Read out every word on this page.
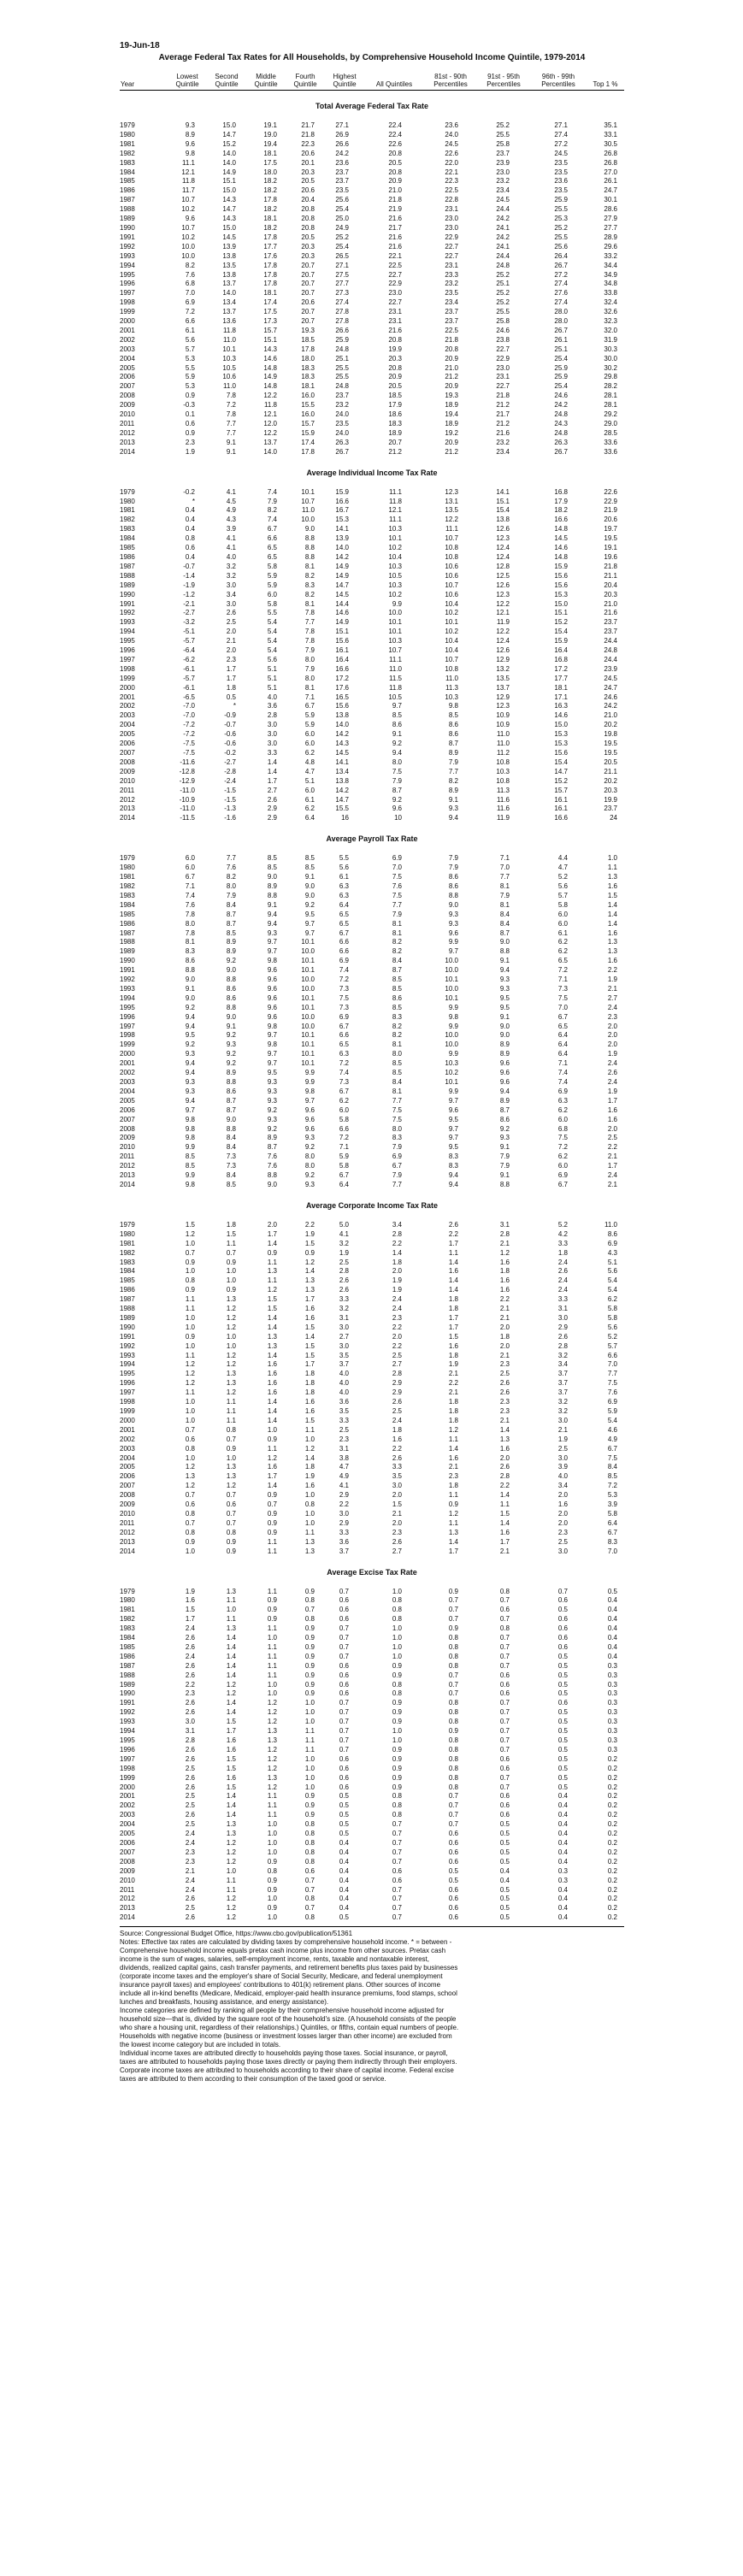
19-Jun-18
Average Federal Tax Rates for All Households, by Comprehensive Household Income Quintile, 1979-2014
Year	Lowest Quintile	Second Quintile	Middle Quintile	Fourth Quintile	Highest Quintile	All Quintiles	81st - 90th Percentiles	91st - 95th Percentiles	96th - 99th Percentiles	Top 1 %
Total Average Federal Tax Rate										
1979	9.3	15.0	19.1	21.7	27.1	22.4	23.6	25.2	27.1	35.1
1980	8.9	14.7	19.0	21.8	26.9	22.4	24.0	25.5	27.4	33.1
1981	9.6	15.2	19.4	22.3	26.6	22.6	24.5	25.8	27.2	30.5
1982	9.8	14.0	18.1	20.6	24.2	20.8	22.6	23.7	24.5	26.8
1983	11.1	14.0	17.5	20.1	23.6	20.5	22.0	23.9	23.5	26.8
1984	12.1	14.9	18.0	20.3	23.7	20.8	22.1	23.0	23.5	27.0
1985	11.8	15.1	18.2	20.5	23.7	20.9	22.3	23.2	23.6	26.1
1986	11.7	15.0	18.2	20.6	23.5	21.0	22.5	23.4	23.5	24.7
1987	10.7	14.3	17.8	20.4	25.6	21.8	22.8	24.5	25.9	30.1
1988	10.2	14.7	18.2	20.8	25.4	21.9	23.1	24.4	25.5	28.6
1989	9.6	14.3	18.1	20.8	25.0	21.6	23.0	24.2	25.3	27.9
1990	10.7	15.0	18.2	20.8	24.9	21.7	23.0	24.1	25.2	27.7
1991	10.2	14.5	17.8	20.5	25.2	21.6	22.9	24.2	25.5	28.9
1992	10.0	13.9	17.7	20.3	25.4	21.6	22.7	24.1	25.6	29.6
1993	10.0	13.8	17.6	20.3	26.5	22.1	22.7	24.4	26.4	33.2
1994	8.2	13.5	17.8	20.7	27.1	22.5	23.1	24.8	26.7	34.4
1995	7.6	13.8	17.8	20.7	27.5	22.7	23.3	25.2	27.2	34.9
1996	6.8	13.7	17.8	20.7	27.7	22.9	23.2	25.1	27.4	34.8
1997	7.0	14.0	18.1	20.7	27.3	23.0	23.5	25.2	27.6	33.8
1998	6.9	13.4	17.4	20.6	27.4	22.7	23.4	25.2	27.4	32.4
1999	7.2	13.7	17.5	20.7	27.8	23.1	23.7	25.5	28.0	32.6
2000	6.6	13.6	17.3	20.7	27.8	23.1	23.7	25.8	28.0	32.3
2001	6.1	11.8	15.7	19.3	26.6	21.6	22.5	24.6	26.7	32.0
2002	5.6	11.0	15.1	18.5	25.9	20.8	21.8	23.8	26.1	31.9
2003	5.7	10.1	14.3	17.8	24.8	19.9	20.8	22.7	25.1	30.3
2004	5.3	10.3	14.6	18.0	25.1	20.3	20.9	22.9	25.4	30.0
2005	5.5	10.5	14.8	18.3	25.5	20.8	21.0	23.0	25.9	30.2
2006	5.9	10.6	14.9	18.3	25.5	20.9	21.2	23.1	25.9	29.8
2007	5.3	11.0	14.8	18.1	24.8	20.5	20.9	22.7	25.4	28.2
2008	0.9	7.8	12.2	16.0	23.7	18.5	19.3	21.8	24.6	28.1
2009	-0.3	7.2	11.8	15.5	23.2	17.9	18.9	21.2	24.2	28.1
2010	0.1	7.8	12.1	16.0	24.0	18.6	19.4	21.7	24.8	29.2
2011	0.6	7.7	12.0	15.7	23.5	18.3	18.9	21.2	24.3	29.0
2012	0.9	7.7	12.2	15.9	24.0	18.9	19.2	21.6	24.8	28.5
2013	2.3	9.1	13.7	17.4	26.3	20.7	20.9	23.2	26.3	33.6
2014	1.9	9.1	14.0	17.8	26.7	21.2	21.2	23.4	26.7	33.6
Average Individual Income Tax Rate										
1979	-0.2	4.1	7.4	10.1	15.9	11.1	12.3	14.1	16.8	22.6
1980	*	4.5	7.9	10.7	16.6	11.8	13.1	15.1	17.9	22.9
1981	0.4	4.9	8.2	11.0	16.7	12.1	13.5	15.4	18.2	21.9
1982	0.4	4.3	7.4	10.0	15.3	11.1	12.2	13.8	16.6	20.6
1983	0.4	3.9	6.7	9.0	14.1	10.3	11.1	12.6	14.8	19.7
1984	0.8	4.1	6.6	8.8	13.9	10.1	10.7	12.3	14.5	19.5
1985	0.6	4.1	6.5	8.8	14.0	10.2	10.8	12.4	14.6	19.1
1986	0.4	4.0	6.5	8.8	14.2	10.4	10.8	12.4	14.8	19.6
1987	-0.7	3.2	5.8	8.1	14.9	10.3	10.6	12.8	15.9	21.8
1988	-1.4	3.2	5.9	8.2	14.9	10.5	10.6	12.5	15.6	21.1
1989	-1.9	3.0	5.9	8.3	14.7	10.3	10.7	12.6	15.6	20.4
1990	-1.2	3.4	6.0	8.2	14.5	10.2	10.6	12.3	15.3	20.3
1991	-2.1	3.0	5.8	8.1	14.4	9.9	10.4	12.2	15.0	21.0
1992	-2.7	2.6	5.5	7.8	14.6	10.0	10.2	12.1	15.1	21.6
1993	-3.2	2.5	5.4	7.7	14.9	10.1	10.1	11.9	15.2	23.7
1994	-5.1	2.0	5.4	7.8	15.1	10.1	10.2	12.2	15.4	23.7
1995	-5.7	2.1	5.4	7.8	15.6	10.3	10.4	12.4	15.9	24.4
1996	-6.4	2.0	5.4	7.9	16.1	10.7	10.4	12.6	16.4	24.8
1997	-6.2	2.3	5.6	8.0	16.4	11.1	10.7	12.9	16.8	24.4
1998	-6.1	1.7	5.1	7.9	16.6	11.0	10.8	13.2	17.2	23.9
1999	-5.7	1.7	5.1	8.0	17.2	11.5	11.0	13.5	17.7	24.5
2000	-6.1	1.8	5.1	8.1	17.6	11.8	11.3	13.7	18.1	24.7
2001	-6.5	0.5	4.0	7.1	16.5	10.5	10.3	12.9	17.1	24.6
2002	-7.0	*	3.6	6.7	15.6	9.7	9.8	12.3	16.3	24.2
2003	-7.0	-0.9	2.8	5.9	13.8	8.5	8.5	10.9	14.6	21.0
2004	-7.2	-0.7	3.0	5.9	14.0	8.6	8.6	10.9	15.0	20.2
2005	-7.2	-0.6	3.0	6.0	14.2	9.1	8.6	11.0	15.3	19.8
2006	-7.5	-0.6	3.0	6.0	14.3	9.2	8.7	11.0	15.3	19.5
2007	-7.5	-0.2	3.3	6.2	14.5	9.4	8.9	11.2	15.6	19.5
2008	-11.6	-2.7	1.4	4.8	14.1	8.0	7.9	10.8	15.4	20.5
2009	-12.8	-2.8	1.4	4.7	13.4	7.5	7.7	10.3	14.7	21.1
2010	-12.9	-2.4	1.7	5.1	13.8	7.9	8.2	10.8	15.2	20.2
2011	-11.0	-1.5	2.7	6.0	14.2	8.7	8.9	11.3	15.7	20.3
2012	-10.9	-1.5	2.6	6.1	14.7	9.2	9.1	11.6	16.1	19.9
2013	-11.0	-1.3	2.9	6.2	15.5	9.6	9.3	11.6	16.1	23.7
2014	-11.5	-1.6	2.9	6.4	16	10	9.4	11.9	16.6	24
Average Payroll Tax Rate										
1979	6.0	7.7	8.5	8.5	5.5	6.9	7.9	7.1	4.4	1.0
1980	6.0	7.6	8.5	8.5	5.6	7.0	7.9	7.0	4.7	1.1
1981	6.7	8.2	9.0	9.1	6.1	7.5	8.6	7.7	5.2	1.3
1982	7.1	8.0	8.9	9.0	6.3	7.6	8.6	8.1	5.6	1.6
1983	7.4	7.9	8.8	9.0	6.3	7.5	8.8	7.9	5.7	1.5
1984	7.6	8.4	9.1	9.2	6.4	7.7	9.0	8.1	5.8	1.4
1985	7.8	8.7	9.4	9.5	6.5	7.9	9.3	8.4	6.0	1.4
1986	8.0	8.7	9.4	9.7	6.5	8.1	9.3	8.4	6.0	1.4
1987	7.8	8.5	9.3	9.7	6.7	8.1	9.6	8.7	6.1	1.6
1988	8.1	8.9	9.7	10.1	6.6	8.2	9.9	9.0	6.2	1.3
1989	8.3	8.9	9.7	10.0	6.6	8.2	9.7	8.8	6.2	1.3
1990	8.6	9.2	9.8	10.1	6.9	8.4	10.0	9.1	6.5	1.6
1991	8.8	9.0	9.6	10.1	7.4	8.7	10.0	9.4	7.2	2.2
1992	9.0	8.8	9.6	10.0	7.2	8.5	10.1	9.3	7.1	1.9
1993	9.1	8.6	9.6	10.0	7.3	8.5	10.0	9.3	7.3	2.1
1994	9.0	8.6	9.6	10.1	7.5	8.6	10.1	9.5	7.5	2.7
1995	9.2	8.8	9.6	10.1	7.3	8.5	9.9	9.5	7.0	2.4
1996	9.4	9.0	9.6	10.0	6.9	8.3	9.8	9.1	6.7	2.3
1997	9.4	9.1	9.8	10.0	6.7	8.2	9.9	9.0	6.5	2.0
1998	9.5	9.2	9.7	10.1	6.6	8.2	10.0	9.0	6.4	2.0
1999	9.2	9.3	9.8	10.1	6.5	8.1	10.0	8.9	6.4	2.0
2000	9.3	9.2	9.7	10.1	6.3	8.0	9.9	8.9	6.4	1.9
2001	9.4	9.2	9.7	10.1	7.2	8.5	10.3	9.6	7.1	2.4
2002	9.4	8.9	9.5	9.9	7.4	8.5	10.2	9.6	7.4	2.6
2003	9.3	8.8	9.3	9.9	7.3	8.4	10.1	9.6	7.4	2.4
2004	9.3	8.6	9.3	9.8	6.7	8.1	9.9	9.4	6.9	1.9
2005	9.4	8.7	9.3	9.7	6.2	7.7	9.7	8.9	6.3	1.7
2006	9.7	8.7	9.2	9.6	6.0	7.5	9.6	8.7	6.2	1.6
2007	9.8	9.0	9.3	9.6	5.8	7.5	9.5	8.6	6.0	1.6
2008	9.8	8.8	9.2	9.6	6.6	8.0	9.7	9.2	6.8	2.0
2009	9.8	8.4	8.9	9.3	7.2	8.3	9.7	9.3	7.5	2.5
2010	9.9	8.4	8.7	9.2	7.1	7.9	9.5	9.1	7.2	2.2
2011	8.5	7.3	7.6	8.0	5.9	6.9	8.3	7.9	6.2	2.1
2012	8.5	7.3	7.6	8.0	5.8	6.7	8.3	7.9	6.0	1.7
2013	9.9	8.4	8.8	9.2	6.7	7.9	9.4	9.1	6.9	2.4
2014	9.8	8.5	9.0	9.3	6.4	7.7	9.4	8.8	6.7	2.1
Average Corporate Income Tax Rate										
1979	1.5	1.8	2.0	2.2	5.0	3.4	2.6	3.1	5.2	11.0
1980	1.2	1.5	1.7	1.9	4.1	2.8	2.2	2.8	4.2	8.6
1981	1.0	1.1	1.4	1.5	3.2	2.2	1.7	2.1	3.3	6.9
1982	0.7	0.7	0.9	0.9	1.9	1.4	1.1	1.2	1.8	4.3
1983	0.9	0.9	1.1	1.2	2.5	1.8	1.4	1.6	2.4	5.1
1984	1.0	1.0	1.3	1.4	2.8	2.0	1.6	1.8	2.6	5.6
1985	0.8	1.0	1.1	1.3	2.6	1.9	1.4	1.6	2.4	5.4
1986	0.9	0.9	1.2	1.3	2.6	1.9	1.4	1.6	2.4	5.4
1987	1.1	1.3	1.5	1.7	3.3	2.4	1.8	2.2	3.3	6.2
1988	1.1	1.2	1.5	1.6	3.2	2.4	1.8	2.1	3.1	5.8
1989	1.0	1.2	1.4	1.6	3.1	2.3	1.7	2.1	3.0	5.8
1990	1.0	1.2	1.4	1.5	3.0	2.2	1.7	2.0	2.9	5.6
1991	0.9	1.0	1.3	1.4	2.7	2.0	1.5	1.8	2.6	5.2
1992	1.0	1.0	1.3	1.5	3.0	2.2	1.6	2.0	2.8	5.7
1993	1.1	1.2	1.4	1.5	3.5	2.5	1.8	2.1	3.2	6.6
1994	1.2	1.2	1.6	1.7	3.7	2.7	1.9	2.3	3.4	7.0
1995	1.2	1.3	1.6	1.8	4.0	2.8	2.1	2.5	3.7	7.7
1996	1.2	1.3	1.6	1.8	4.0	2.9	2.2	2.6	3.7	7.5
1997	1.1	1.2	1.6	1.8	4.0	2.9	2.1	2.6	3.7	7.6
1998	1.0	1.1	1.4	1.6	3.6	2.6	1.8	2.3	3.2	6.9
1999	1.0	1.1	1.4	1.6	3.5	2.5	1.8	2.3	3.2	5.9
2000	1.0	1.1	1.4	1.5	3.3	2.4	1.8	2.1	3.0	5.4
2001	0.7	0.8	1.0	1.1	2.5	1.8	1.2	1.4	2.1	4.6
2002	0.6	0.7	0.9	1.0	2.3	1.6	1.1	1.3	1.9	4.9
2003	0.8	0.9	1.1	1.2	3.1	2.2	1.4	1.6	2.5	6.7
2004	1.0	1.0	1.2	1.4	3.8	2.6	1.6	2.0	3.0	7.5
2005	1.2	1.3	1.6	1.8	4.7	3.3	2.1	2.6	3.9	8.4
2006	1.3	1.3	1.7	1.9	4.9	3.5	2.3	2.8	4.0	8.5
2007	1.2	1.2	1.4	1.6	4.1	3.0	1.8	2.2	3.4	7.2
2008	0.7	0.7	0.9	1.0	2.9	2.0	1.1	1.4	2.0	5.3
2009	0.6	0.6	0.7	0.8	2.2	1.5	0.9	1.1	1.6	3.9
2010	0.8	0.7	0.9	1.0	3.0	2.1	1.2	1.5	2.0	5.8
2011	0.7	0.7	0.9	1.0	2.9	2.0	1.1	1.4	2.0	6.4
2012	0.8	0.8	0.9	1.1	3.3	2.3	1.3	1.6	2.3	6.7
2013	0.9	0.9	1.1	1.3	3.6	2.6	1.4	1.7	2.5	8.3
2014	1.0	0.9	1.1	1.3	3.7	2.7	1.7	2.1	3.0	7.0
Average Excise Tax Rate										
1979	1.9	1.3	1.1	0.9	0.7	1.0	0.9	0.8	0.7	0.5
1980	1.6	1.1	0.9	0.8	0.6	0.8	0.7	0.7	0.6	0.4
1981	1.5	1.0	0.9	0.7	0.6	0.8	0.7	0.6	0.5	0.4
1982	1.7	1.1	0.9	0.8	0.6	0.8	0.7	0.7	0.6	0.4
1983	2.4	1.3	1.1	0.9	0.7	1.0	0.9	0.8	0.6	0.4
1984	2.6	1.4	1.0	0.9	0.7	1.0	0.8	0.7	0.6	0.4
1985	2.6	1.4	1.1	0.9	0.7	1.0	0.8	0.7	0.6	0.4
1986	2.4	1.4	1.1	0.9	0.7	1.0	0.8	0.7	0.5	0.4
1987	2.6	1.4	1.1	0.9	0.6	0.9	0.8	0.7	0.5	0.3
1988	2.6	1.4	1.1	0.9	0.6	0.9	0.7	0.6	0.5	0.3
1989	2.2	1.2	1.0	0.9	0.6	0.8	0.7	0.6	0.5	0.3
1990	2.3	1.2	1.0	0.9	0.6	0.8	0.7	0.6	0.5	0.3
1991	2.6	1.4	1.2	1.0	0.7	0.9	0.8	0.7	0.6	0.3
1992	2.6	1.4	1.2	1.0	0.7	0.9	0.8	0.7	0.5	0.3
1993	3.0	1.5	1.2	1.0	0.7	0.9	0.8	0.7	0.5	0.3
1994	3.1	1.7	1.3	1.1	0.7	1.0	0.9	0.7	0.5	0.3
1995	2.8	1.6	1.3	1.1	0.7	1.0	0.8	0.7	0.5	0.3
1996	2.6	1.6	1.2	1.1	0.7	0.9	0.8	0.7	0.5	0.3
1997	2.6	1.5	1.2	1.0	0.6	0.9	0.8	0.6	0.5	0.2
1998	2.5	1.5	1.2	1.0	0.6	0.9	0.8	0.6	0.5	0.2
1999	2.6	1.6	1.3	1.0	0.6	0.9	0.8	0.7	0.5	0.2
2000	2.6	1.5	1.2	1.0	0.6	0.9	0.8	0.7	0.5	0.2
2001	2.5	1.4	1.1	0.9	0.5	0.8	0.7	0.6	0.4	0.2
2002	2.5	1.4	1.1	0.9	0.5	0.8	0.7	0.6	0.4	0.2
2003	2.6	1.4	1.1	0.9	0.5	0.8	0.7	0.6	0.4	0.2
2004	2.5	1.3	1.0	0.8	0.5	0.7	0.7	0.5	0.4	0.2
2005	2.4	1.3	1.0	0.8	0.5	0.7	0.6	0.5	0.4	0.2
2006	2.4	1.2	1.0	0.8	0.4	0.7	0.6	0.5	0.4	0.2
2007	2.3	1.2	1.0	0.8	0.4	0.7	0.6	0.5	0.4	0.2
2008	2.3	1.2	0.9	0.8	0.4	0.7	0.6	0.5	0.4	0.2
2009	2.1	1.0	0.8	0.6	0.4	0.6	0.5	0.4	0.3	0.2
2010	2.4	1.1	0.9	0.7	0.4	0.6	0.5	0.4	0.3	0.2
2011	2.4	1.1	0.9	0.7	0.4	0.7	0.6	0.5	0.4	0.2
2012	2.6	1.2	1.0	0.8	0.4	0.7	0.6	0.5	0.4	0.2
2013	2.5	1.2	0.9	0.7	0.4	0.7	0.6	0.5	0.4	0.2
2014	2.6	1.2	1.0	0.8	0.5	0.7	0.6	0.5	0.4	0.2

Source: Congressional Budget Office, https://www.cbo.gov/publication/51361

Notes: Effective tax rates are calculated by dividing taxes by comprehensive household income. * = between -

Comprehensive household income equals pretax cash income plus income from other sources. Pretax cash

income is the sum of wages, salaries, self-employment income, rents, taxable and nontaxable interest,

dividends, realized capital gains, cash transfer payments, and retirement benefits plus taxes paid by businesses

(corporate income taxes and the employer's share of Social Security, Medicare, and federal unemployment

insurance payroll taxes) and employees' contributions to 401(k) retirement plans. Other sources of income

include all in-kind benefits (Medicare, Medicaid, employer-paid health insurance premiums, food stamps, school

lunches and breakfasts, housing assistance, and energy assistance).

Income categories are defined by ranking all people by their comprehensive household income adjusted for

household size—that is, divided by the square root of the household's size. (A household consists of the people

who share a housing unit, regardless of their relationships.) Quintiles, or fifths, contain equal numbers of people.

Households with negative income (business or investment losses larger than other income) are excluded from

the lowest income category but are included in totals.

Individual income taxes are attributed directly to households paying those taxes. Social insurance, or payroll,

taxes are attributed to households paying those taxes directly or paying them indirectly through their employers.

Corporate income taxes are attributed to households according to their share of capital income. Federal excise

taxes are attributed to them according to their consumption of the taxed good or service.
